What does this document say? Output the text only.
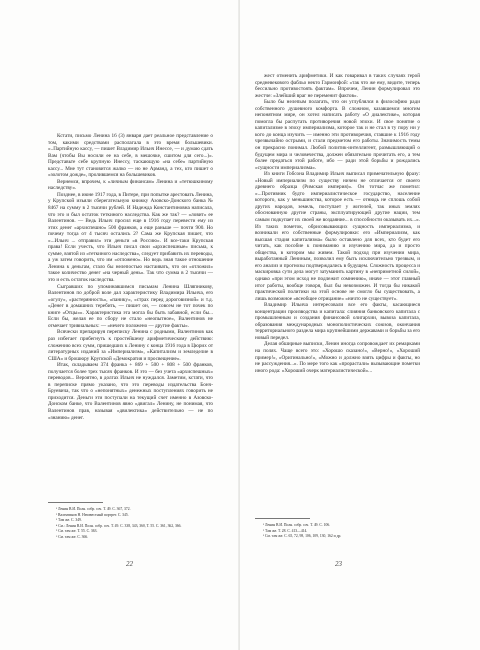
Кстати, письмо Ленина 16 (3) января дает реальное представление о том, какими средствами располагала в это время большевики. «..Партийную кассу, — пишет Владимир Ильич Инессе, — и думаю сдать Вам (чтобы Вы носили ее на себе, в мешочке, сшитом для сего...)». Представьте себе крупную Инессу, таскающую «на себе» партийную кассу... Мне тут становится жалко — но не Арманд, а тех, кто пишет о «золотом дожде», пролившемся на большевиков.

Вернемся, впрочем, к «личным финансам» Ленина и «тетюшкиному наследству».

Позднее, в июне 1917 года, в Питере, при попытке арестовать Ленина, у Крупской изъяли сберегательную книжку Азовско-Донского банка № 8467 на сумму в 2 тысячи рублей. И Надежда Константиновна написала, что это и был остаток теткиного наследства. Как же так? — «ловит» ее Валентинов. — Ведь Ильич просил еще в 1916 году перевести ему из этих денег «архиспешно» 500 франков, а еще раньше — почти 900. Но почему тогда от 4 тысяч остались 2? Сама же Крупская пишет, что «...Ильич ... отправил» эти деньги «в Россию». И все-таки Крупская права! Если учесть, что Ильич писал свои «архиспешные» письма, к сумме, взятой из «теткиного наследства», следует прибавить их переводы, а уж затем говорить, что им «отложено». Но ведь зная такое отношение Ленина к деньгам, стало бы нелепостью настаивать, что он «отложил» такое количество денег «на черный день». Так что сумма в 2 тысячи — это и есть остаток наследства.

Сыгравших по упоминавшимся письмам Ленина Шляпникову, Валентинов по доброй воле дал характеристику Владимира Ильича, его «огулу», «растерянность», «панику», «страх перед дороговизной» и т.д. «Денег в домашних теребить, — пишет он, — совсем не тот почек по книге «Отцы»». Характеристика эта могла бы быть забавной, если бы... Если бы, желая ее по сбору не стало «неопытное», Валентинов не отмечает тривиальных: — «нечего положено — другие факты».

Всячески препарируя переписку Ленина с родными, Валентинов как раз избегает прибегнуть к простейшему арифметическому действию: сложению всех сумм, пришедших к Ленину с конца 1916 года в Цюрих от литературных изданий за «Империализм», «Капитализм и земледелие в США» и брошюру Крупской «Демократия и просвещение».

Итак, складываем 374 франка + 869 + 500 + 808 + 500 франков, получается более трех тысяч франков. И это — без учета «архиспешных» переводов... Вероятно, в долгах Ильич не нуждался. Заметим, кстати, что в переписке прямо указано, что это переводы издательства Бонч-Бруевича, так что о «непонятных» денежных поступлениях говорить не приходится. Деньги эти поступали на текущий счет именно в Азовско-Донском банке, что Валентинов явно «двигал» Ленину, не понимая, что Валентинов прав, называя «двилектика» действительно — не по «знанию» денег.

¹ Ленин В.И. Полн. собр. соч. Т. 49. С. 367, 372.
² Валентинов Н. Неизвестный портрет. С. 345.
³ Там же. С. 349.
⁴ См.: Ленин В.И. Полн. собр. соч. Т. 49. С. 338, 343, 360, Т. 55. С. 361, 362, 366.
⁵ См. там же. Т. 55. С. 363.
⁶ См. там же. С. 366.
22

жест отменить арифметики. И как говаривал в таких случаях герой средневекового фабльо некто Гармонфой: «так что же ему, видите, теперь бессильно противостоять фактам». Впрочем, Ленин формулировал это жестче: «Злейший враг не переменит фактов».

Было бы нелепым полагать, что он углублялся в философию ради собственного душевного комфорта. В сложном, казавшемся многим непонятном мире, он хотел написать работу «О диалектике», которая помогла бы распутать противоречия новой эпохи. И свое понятие о капитализме в эпоху империализма, которое так и не стал в ту пору ни у кого до конца изучить — именно эти противоречия, ставшие к 1916 году чрезвычайно острыми, и стали предметом его работы. Значимость темы он прекрасно понимал. Любой политик-интеллигент, размышляющий о будущем мира и человечества, должен обязательно прочитать его, а тем более предаться этой работе, ибо — ради этой борьбы и рождались «сущности империализма».

Из книги Гобсона Владимир Ильич выписал примечательную фразу: «Новый империализм по существу ничем не отличается от своего древнего образца (Римская империя)». Он тотчас же пометил: «...Противник будто империалистическое государство, население которого, как у меньшинства, которое есть — отнюдь не сплошь собой других народов, земель, поступает у жителей, так иных землях обоснованную другие страны, эксплуатирующей другие нации, тем самым подкупает их своей же воздаяние... в способности оказывать их...». Из таких пометок, обрисовывающих сущность империализма, и возникали его собственные формулировки: его «Империализм, как высшая стадия капитализма» было оставлено для всех, кто будет его читать, как пособие к пониманию и изучению мира, да и просто общества, в котором мы живем. Такой подход при изучении мира, выработанный Лениным, позволил ему быть исключительно трезвым, и его анализ и прогнозы подтверждались в будущем. Сложность процесса и маскировка сути дела могут затуманить картину в «неприметной силой», однако «при этом исход не подлежит сомнению», иначе — этот главный итог работы, вообще говоря, был бы невозможен. И тогда бы никакой практической политики на этой основе не смогло бы существовать, а лишь возможное «всеобщее отрицание» «ничто не существует».

Владимир Ильича интересовали все его факты, касающиеся концентрации производства и капитала: слияния банковского капитала с промышленным и создания финансовой олигархии, вывоза капитала, образования международных монополистических союзов, окончания территориального раздела мира крупнейшими державами и борьбы за его новый передел.

Делая обширные выписки, Ленин иногда сопровождает их ремарками на полях. Чаще всего это: «Хорошо сказано!», «Верно!», «Хороший пример!», «Оригинально!», «Можно и должно взять цифры и факты, но не рассуждения...». По мере того как «прорастали» вызывающие пометки иного рода: «Хороший очерк материалистической»...

¹ Ленин В.И. Полн. собр. соч. Т. 49. С. 106.
² Там же. Т. 28. С. 413—414.
³ См. там же. С. 65, 72, 98, 106, 109, 130, 162 и др.
23
